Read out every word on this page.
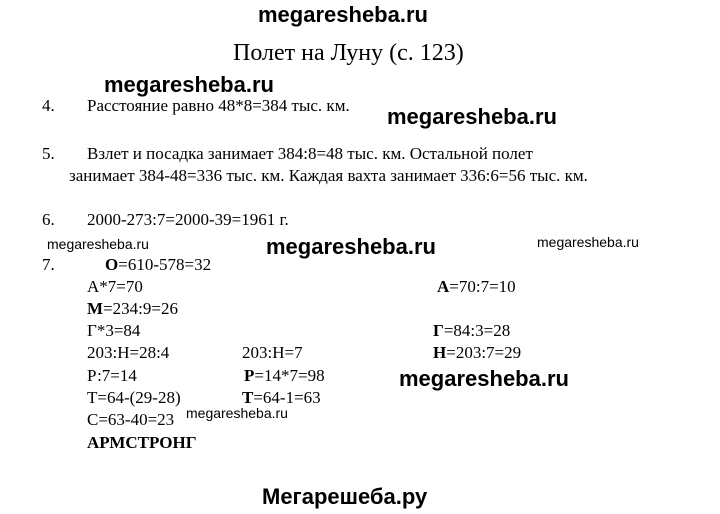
megaresheba.ru
megaresheba.ru
megaresheba.ru
megaresheba.ru	megaresheba.ru	megaresheba.ru
megaresheba.ru
megaresheba.ru
Мегарешеба.ру
Полет на Луну (с. 123)
4. Расстояние равно 48*8=384 тыс. км.
5. Взлет и посадка занимает 384:8=48 тыс. км. Остальной полет
занимает 384-48=336 тыс. км. Каждая вахта занимает 336:6=56 тыс. км.
6. 2000-273:7=2000-39=1961 г.
7.	О=610-578=32
А*7=70	А=70:7=10
М=234:9=26
Г*3=84	Г=84:3=28
203:Н=28:4	203:Н=7	Н=203:7=29
Р:7=14	Р=14*7=98
Т=64-(29-28)	Т=64-1=63
С=63-40=23
АРМСТРОНГ
